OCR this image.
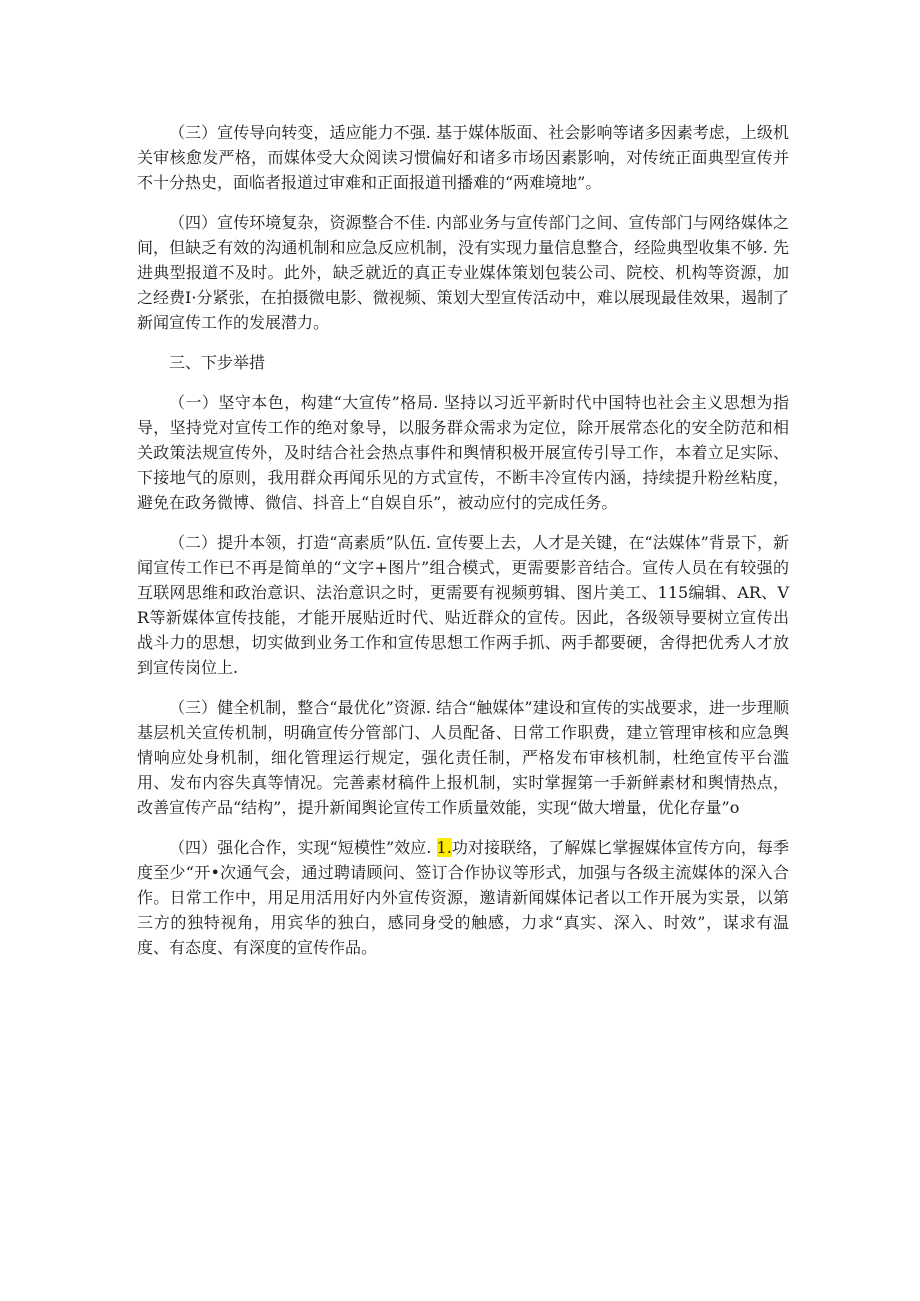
（三）宣传导向转变，适应能力不强. 基于媒体版面、社会影响等诸多因素考虑，上级机关审核愈发严格，而媒体受大众阅读习惯偏好和诸多市场因素影响，对传统正面典型宣传并不十分热史，面临者报道过审难和正面报道刊播难的“两难境地”。

（四）宣传环境复杂，资源整合不佳. 内部业务与宣传部门之间、宣传部门与网络媒体之间，但缺乏有效的沟通机制和应急反应机制，没有实现力量信息整合，经险典型收集不够. 先进典型报道不及时。此外，缺乏就近的真正专业媒体策划包装公司、院校、机构等资源，加之经费I·分紧张，在拍摄微电影、微视频、策划大型宣传活动中，难以展现最佳效果，遏制了新闻宣传工作的发展潜力。

三、下步举措

（一）坚守本色，构建“大宣传”格局. 坚持以习近平新时代中国特也社会主义思想为指导，坚持党对宣传工作的绝对象导，以服务群众需求为定位，除开展常态化的安全防范和相关政策法规宣传外，及时结合社会热点事件和舆情积极开展宣传引导工作，本着立足实际、下接地气的原则，我用群众再闻乐见的方式宣传，不断丰冷宣传内涵，持续提升粉丝粘度，避免在政务微博、微信、抖音上“自娱自乐”，被动应付的完成任务。

（二）提升本领，打造“高素质”队伍. 宣传要上去，人才是关键，在“法媒体”背景下，新闻宣传工作已不再是简单的“文字+图片”组合模式，更需要影音结合。宣传人员在有较强的互联网思维和政治意识、法治意识之时，更需要有视频剪辑、图片美工、115编辑、AR、VR等新媒体宣传技能，才能开展贴近时代、贴近群众的宣传。因此，各级领导要树立宣传出战斗力的思想，切实做到业务工作和宣传思想工作两手抓、两手都要硬，舍得把优秀人才放到宣传岗位上.

（三）健全机制，整合“最优化”资源. 结合“触媒体”建设和宣传的实战要求，进一步理顺基层机关宣传机制，明确宣传分管部门、人员配备、日常工作职费，建立管理审核和应急舆情响应处身机制，细化管理运行规定，强化责任制，严格发布审核机制，杜绝宣传平台滥用、发布内容失真等情况。完善素材稿件上报机制，实时掌握第一手新鲜素材和舆情热点，改善宣传产品“结构”，提升新闻舆论宣传工作质量效能，实现“做大增量，优化存量”o

（四）强化合作，实现“短模性”效应. 1.功对接联络，了解媒匕掌握媒体宣传方向，每季度至少“开•次通气会，通过聘请顾问、签订合作协议等形式，加强与各级主流媒体的深入合作。日常工作中，用足用活用好内外宣传资源，邀请新闻媒体记者以工作开展为实景，以第三方的独特视角，用宾华的独白，感同身受的触感，力求“真实、深入、时效”，谋求有温度、有态度、有深度的宣传作品。
